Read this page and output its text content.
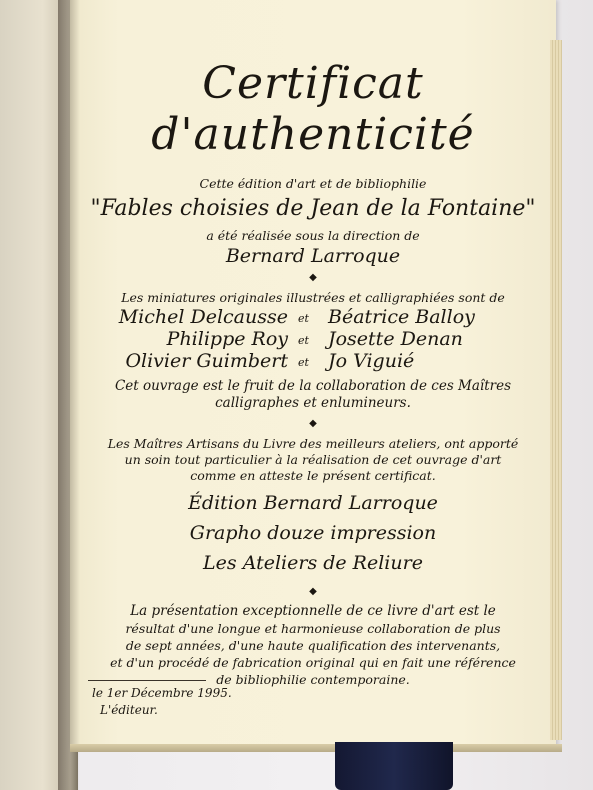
Certificat d'authenticité
Cette édition d'art et de bibliophilie
"Fables choisies de Jean de la Fontaine"
a été réalisée sous la direction de
Bernard Larroque
◆
Les miniatures originales illustrées et calligraphiées sont de
Michel Delcausse et Béatrice Balloy
Philippe Roy et Josette Denan
Olivier Guimbert et Jo Viguié
Cet ouvrage est le fruit de la collaboration de ces Maîtres
calligraphes et enlumineurs.
◆
Les Maîtres Artisans du Livre des meilleurs ateliers, ont apporté
un soin tout particulier à la réalisation de cet ouvrage d'art
comme en atteste le présent certificat.
Édition Bernard Larroque
Grapho douze impression
Les Ateliers de Reliure
◆
La présentation exceptionnelle de ce livre d'art est le
résultat d'une longue et harmonieuse collaboration de plus
de sept années, d'une haute qualification des intervenants,
et d'un procédé de fabrication original qui en fait une référence
de bibliophilie contemporaine.
le 1er Décembre 1995.
L'éditeur.
